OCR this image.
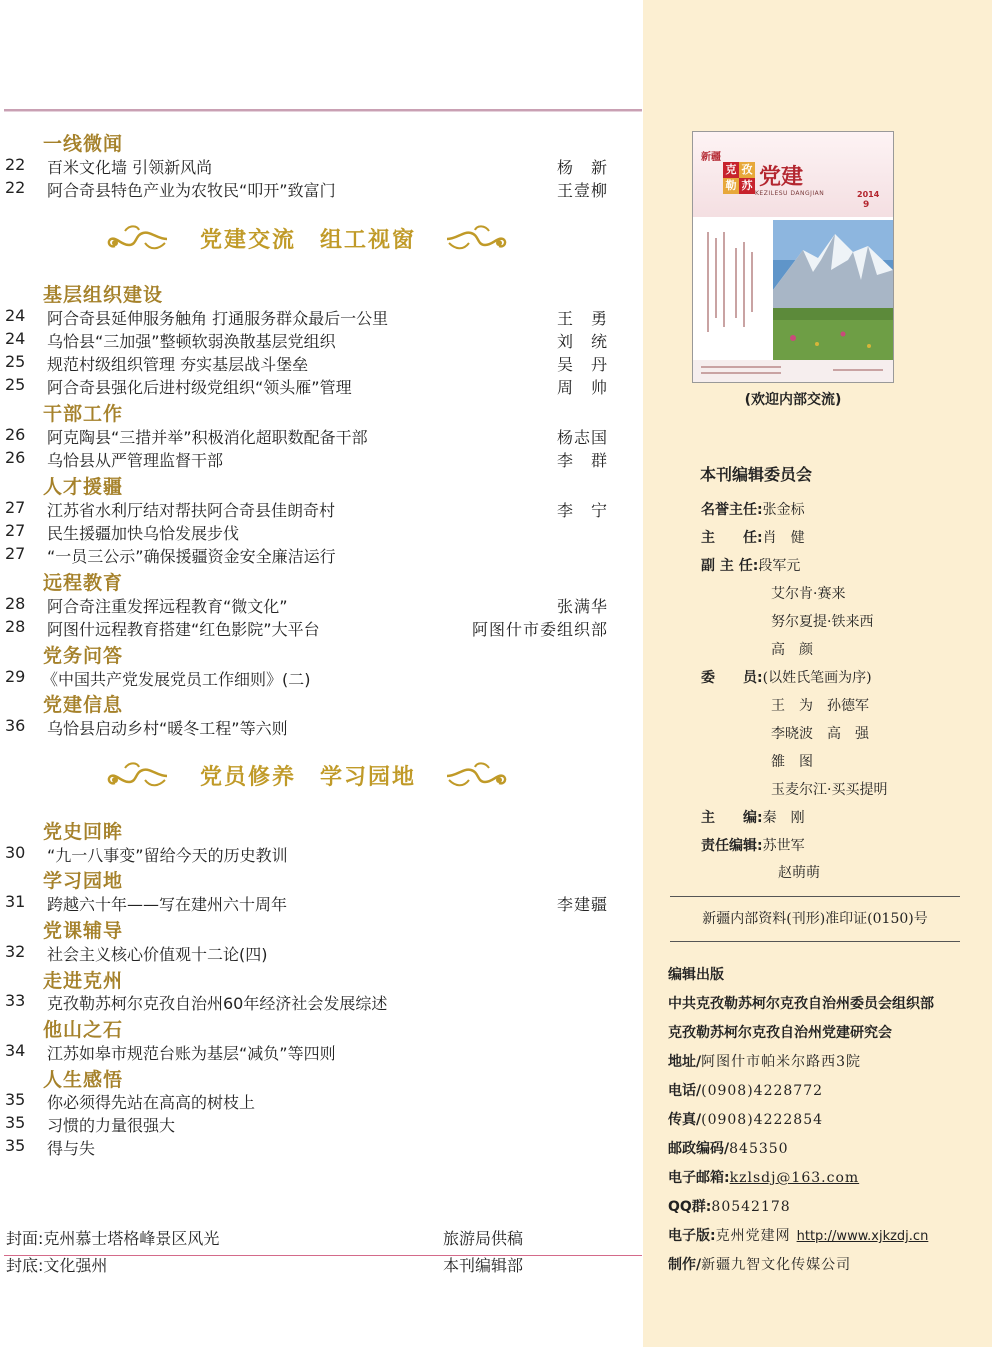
一线微闻
22	百米文化墙 引领新风尚	杨　新
22	阿合奇县特色产业为农牧民“叩开”致富门	王壹柳
党建交流　组工视窗
基层组织建设
24	阿合奇县延伸服务触角 打通服务群众最后一公里	王　勇
24	乌恰县“三加强”整顿软弱涣散基层党组织	刘　统
25	规范村级组织管理 夯实基层战斗堡垒	吴　丹
25	阿合奇县强化后进村级党组织“领头雁”管理	周　帅
干部工作
26	阿克陶县“三措并举”积极消化超职数配备干部	杨志国
26	乌恰县从严管理监督干部	李　群
人才援疆
27	江苏省水利厅结对帮扶阿合奇县佳朗奇村	李　宁
27	民生援疆加快乌恰发展步伐
27	“一员三公示”确保援疆资金安全廉洁运行
远程教育
28	阿合奇注重发挥远程教育“微文化”	张满华
28	阿图什远程教育搭建“红色影院”大平台	阿图什市委组织部
党务问答
29	《中国共产党发展党员工作细则》(二)
党建信息
36	乌恰县启动乡村“暖冬工程”等六则
党员修养　学习园地
党史回眸
30	“九一八事变”留给今天的历史教训
学习园地
31	跨越六十年——写在建州六十周年	李建疆
党课辅导
32	社会主义核心价值观十二论(四)
走进克州
33	克孜勒苏柯尔克孜自治州60年经济社会发展综述
他山之石
34	江苏如皋市规范台账为基层“减负”等四则
人生感悟
35	你必须得先站在高高的树枝上
35	习惯的力量很强大
35	得与失
封面:克州慕士塔格峰景区风光	旅游局供稿
封底:文化强州	本刊编辑部
新疆
克 孜
勒 苏 党建
KEZILESU DANGJIAN	2014
9
(欢迎内部交流)
本刊编辑委员会
名誉主任:张金标
主　　任:肖　健
副 主 任:段军元
艾尔肯·赛来
努尔夏提·铁来西
高　颜
委　　员:(以姓氏笔画为序)
王　为　孙德军
李晓波　高　强
雒　图
玉麦尔江·买买提明
主　　编:秦　刚
责任编辑:苏世军
赵萌萌
新疆内部资料(刊形)准印证(0150)号
编辑出版
中共克孜勒苏柯尔克孜自治州委员会组织部
克孜勒苏柯尔克孜自治州党建研究会
地址/阿图什市帕米尔路西3院
电话/(0908)4228772
传真/(0908)4222854
邮政编码/845350
电子邮箱:kzlsdj@163.com
QQ群:80542178
电子版:克州党建网 http://www.xjkzdj.cn
制作/新疆九智文化传媒公司
